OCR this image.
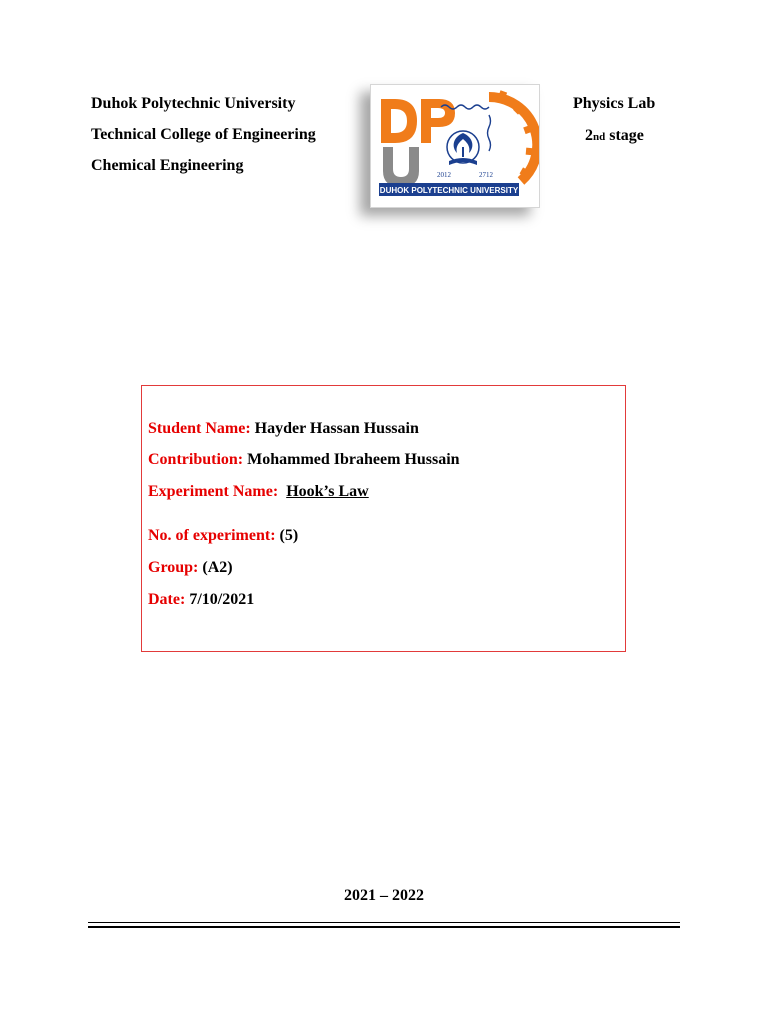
Duhok Polytechnic University
Technical College of Engineering
Chemical Engineering
Physics Lab
2nd stage
2012	2712
DUHOK POLYTECHNIC UNIVERSITY
Student Name: Hayder Hassan Hussain
Contribution: Mohammed Ibraheem Hussain
Experiment Name: Hook’s Law
No. of experiment: (5)
Group: (A2)
Date: 7/10/2021
2021 – 2022
